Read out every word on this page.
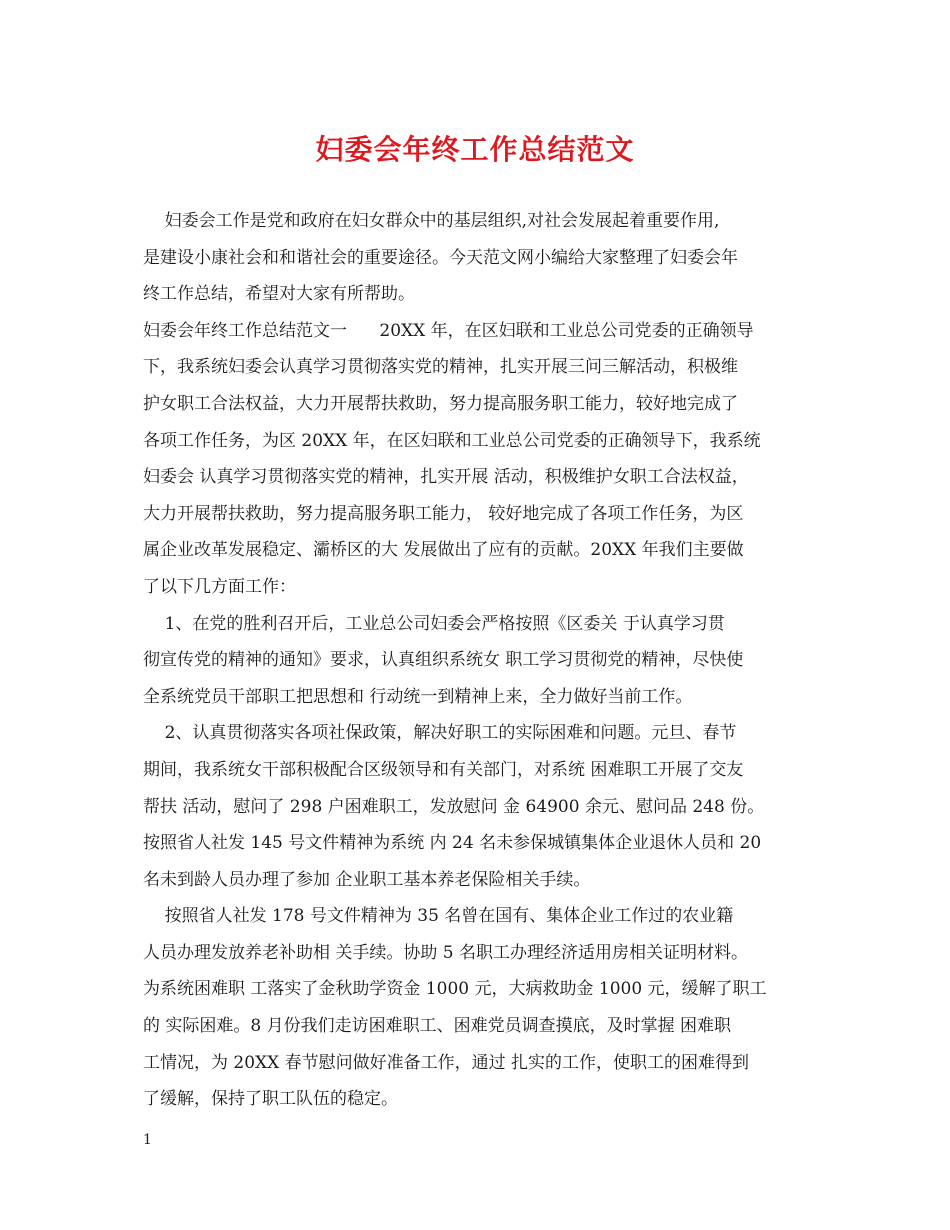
妇委会年终工作总结范文
妇委会工作是党和政府在妇女群众中的基层组织,对社会发展起着重要作用,
是建设小康社会和和谐社会的重要途径。今天范文网小编给大家整理了妇委会年
终工作总结，希望对大家有所帮助。
妇委会年终工作总结范文一      20XX 年，在区妇联和工业总公司党委的正确领导
下，我系统妇委会认真学习贯彻落实党的精神，扎实开展三问三解活动，积极维
护女职工合法权益，大力开展帮扶救助，努力提高服务职工能力，较好地完成了
各项工作任务，为区 20XX 年，在区妇联和工业总公司党委的正确领导下，我系统
妇委会 认真学习贯彻落实党的精神，扎实开展 活动，积极维护女职工合法权益，
大力开展帮扶救助，努力提高服务职工能力， 较好地完成了各项工作任务，为区
属企业改革发展稳定、灞桥区的大 发展做出了应有的贡献。20XX 年我们主要做
了以下几方面工作：
1、在党的胜利召开后，工业总公司妇委会严格按照《区委关 于认真学习贯
彻宣传党的精神的通知》要求，认真组织系统女 职工学习贯彻党的精神，尽快使
全系统党员干部职工把思想和 行动统一到精神上来，全力做好当前工作。
2、认真贯彻落实各项社保政策，解决好职工的实际困难和问题。元旦、春节
期间，我系统女干部积极配合区级领导和有关部门，对系统 困难职工开展了交友
帮扶 活动，慰问了 298 户困难职工，发放慰问 金 64900 余元、慰问品 248 份。
按照省人社发 145 号文件精神为系统 内 24 名未参保城镇集体企业退休人员和 20
名未到龄人员办理了参加 企业职工基本养老保险相关手续。
按照省人社发 178 号文件精神为 35 名曾在国有、集体企业工作过的农业籍
人员办理发放养老补助相 关手续。协助 5 名职工办理经济适用房相关证明材料。
为系统困难职 工落实了金秋助学资金 1000 元，大病救助金 1000 元，缓解了职工
的 实际困难。8 月份我们走访困难职工、困难党员调查摸底，及时掌握 困难职
工情况，为 20XX 春节慰问做好准备工作，通过 扎实的工作，使职工的困难得到
了缓解，保持了职工队伍的稳定。
1
